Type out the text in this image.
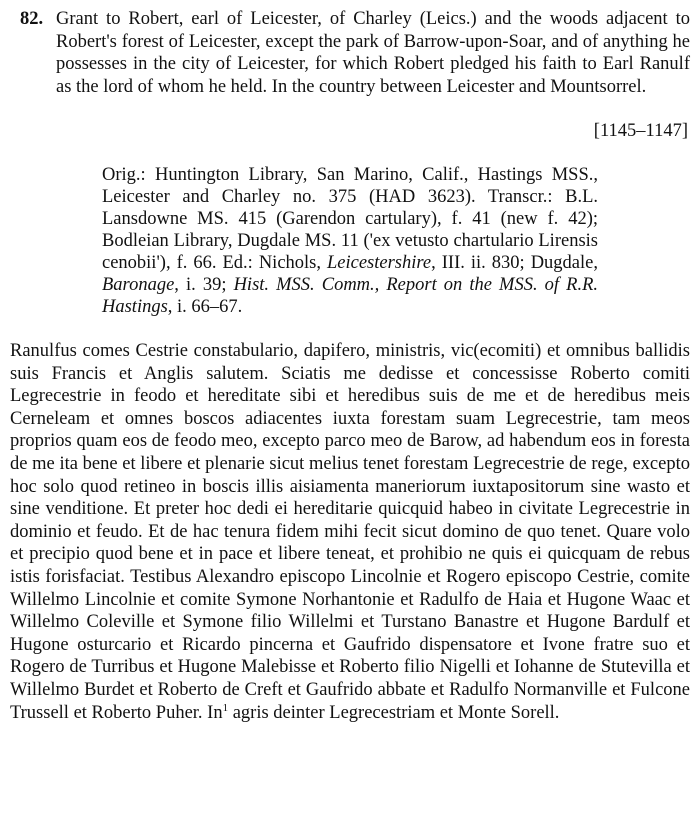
82. Grant to Robert, earl of Leicester, of Charley (Leics.) and the woods adjacent to Robert's forest of Leicester, except the park of Barrow-upon-Soar, and of anything he possesses in the city of Leicester, for which Robert pledged his faith to Earl Ranulf as the lord of whom he held. In the country between Leicester and Mountsorrel.

[1145–1147]
Orig.: Huntington Library, San Marino, Calif., Hastings MSS., Leicester and Charley no. 375 (HAD 3623). Transcr.: B.L. Lansdowne MS. 415 (Garendon cartulary), f. 41 (new f. 42); Bodleian Library, Dugdale MS. 11 ('ex vetusto chartulario Lirensis cenobii'), f. 66. Ed.: Nichols, Leicestershire, III. ii. 830; Dugdale, Baronage, i. 39; Hist. MSS. Comm., Report on the MSS. of R.R. Hastings, i. 66–67.
Ranulfus comes Cestrie constabulario, dapifero, ministris, vic(ecomiti) et omnibus ballidis suis Francis et Anglis salutem. Sciatis me dedisse et concessisse Roberto comiti Legrecestrie in feodo et hereditate sibi et heredibus suis de me et de heredibus meis Cerneleam et omnes boscos adiacentes iuxta forestam suam Legrecestrie, tam meos proprios quam eos de feodo meo, excepto parco meo de Barow, ad habendum eos in foresta de me ita bene et libere et plenarie sicut melius tenet forestam Legrecestrie de rege, excepto hoc solo quod retineo in boscis illis aisiamenta maneriorum iuxtapositorum sine wasto et sine venditione. Et preter hoc dedi ei hereditarie quicquid habeo in civitate Legrecestrie in dominio et feudo. Et de hac tenura fidem mihi fecit sicut domino de quo tenet. Quare volo et precipio quod bene et in pace et libere teneat, et prohibio ne quis ei quicquam de rebus istis forisfaciat. Testibus Alexandro episcopo Lincolnie et Rogero episcopo Cestrie, comite Willelmo Lincolnie et comite Symone Norhantonie et Radulfo de Haia et Hugone Waac et Willelmo Coleville et Symone filio Willelmi et Turstano Banastre et Hugone Bardulf et Hugone osturcario et Ricardo pincerna et Gaufrido dispensatore et Ivone fratre suo et Rogero de Turribus et Hugone Malebisse et Roberto filio Nigelli et Iohanne de Stutevilla et Willelmo Burdet et Roberto de Creft et Gaufrido abbate et Radulfo Normanville et Fulcone Trussell et Roberto Puher. In$^1$ agris deinter Legrecestriam et Monte Sorell.
